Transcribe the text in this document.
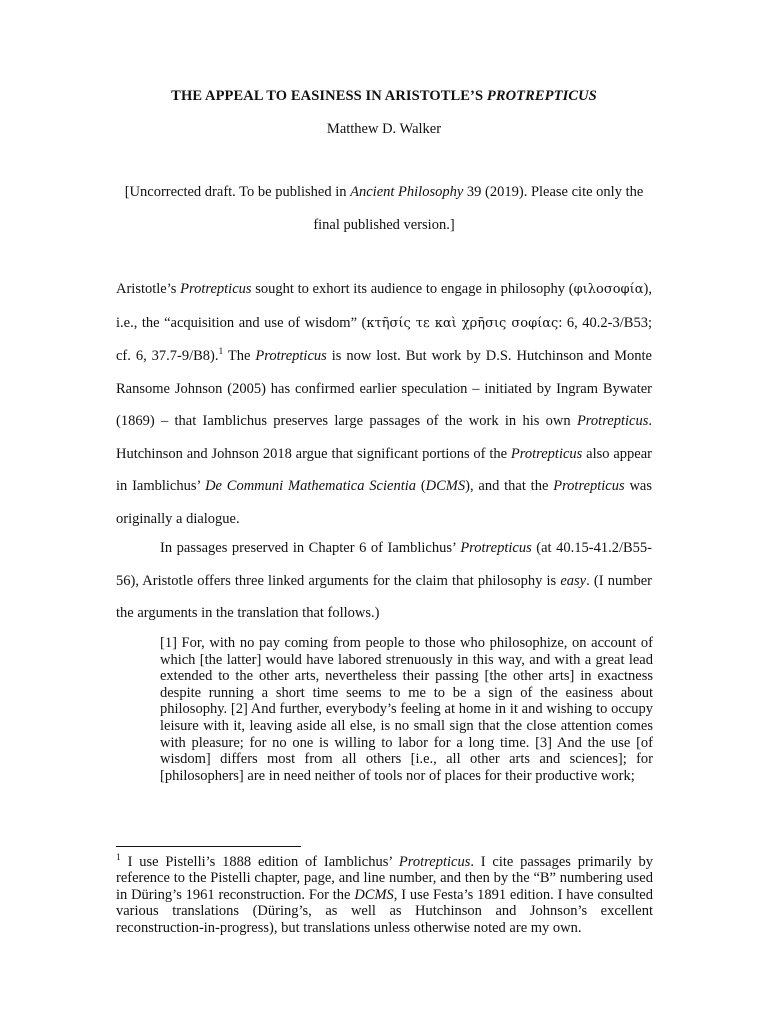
THE APPEAL TO EASINESS IN ARISTOTLE’S PROTREPTICUS
Matthew D. Walker
[Uncorrected draft. To be published in Ancient Philosophy 39 (2019). Please cite only the final published version.]
Aristotle’s Protrepticus sought to exhort its audience to engage in philosophy (φιλοσοφία), i.e., the “acquisition and use of wisdom” (κτῆσίς τε καὶ χρῆσις σοφίας: 6, 40.2-3/B53; cf. 6, 37.7-9/B8).$^1$ The Protrepticus is now lost. But work by D.S. Hutchinson and Monte Ransome Johnson (2005) has confirmed earlier speculation – initiated by Ingram Bywater (1869) – that Iamblichus preserves large passages of the work in his own Protrepticus. Hutchinson and Johnson 2018 argue that significant portions of the Protrepticus also appear in Iamblichus’ De Communi Mathematica Scientia (DCMS), and that the Protrepticus was originally a dialogue.
In passages preserved in Chapter 6 of Iamblichus’ Protrepticus (at 40.15-41.2/B55-56), Aristotle offers three linked arguments for the claim that philosophy is easy. (I number the arguments in the translation that follows.)
[1] For, with no pay coming from people to those who philosophize, on account of which [the latter] would have labored strenuously in this way, and with a great lead extended to the other arts, nevertheless their passing [the other arts] in exactness despite running a short time seems to me to be a sign of the easiness about philosophy. [2] And further, everybody’s feeling at home in it and wishing to occupy leisure with it, leaving aside all else, is no small sign that the close attention comes with pleasure; for no one is willing to labor for a long time. [3] And the use [of wisdom] differs most from all others [i.e., all other arts and sciences]; for [philosophers] are in need neither of tools nor of places for their productive work;
$^1$ I use Pistelli’s 1888 edition of Iamblichus’ Protrepticus. I cite passages primarily by reference to the Pistelli chapter, page, and line number, and then by the “B” numbering used in Düring’s 1961 reconstruction. For the DCMS, I use Festa’s 1891 edition. I have consulted various translations (Düring’s, as well as Hutchinson and Johnson’s excellent reconstruction-in-progress), but translations unless otherwise noted are my own.
